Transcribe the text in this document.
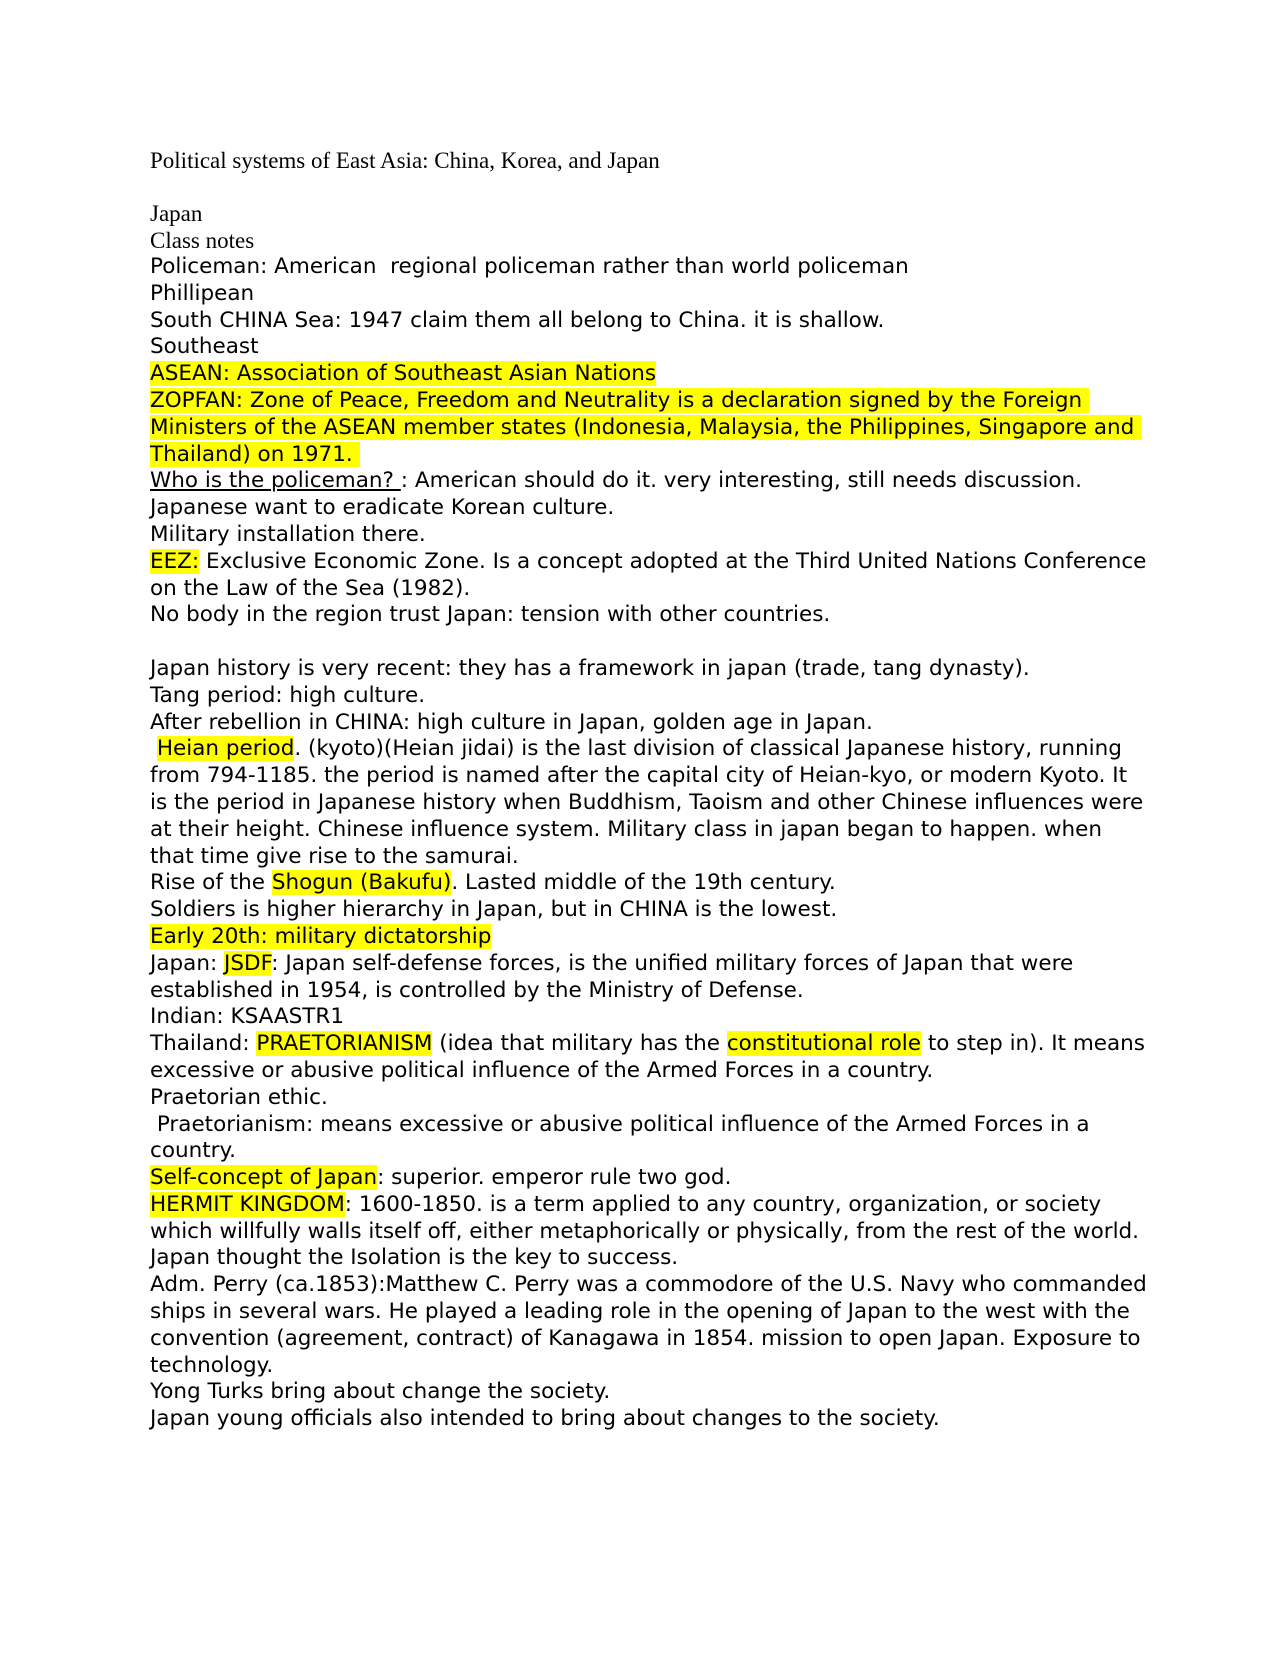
Political systems of East Asia: China, Korea, and Japan
Japan
Class notes
Policeman: American  regional policeman rather than world policeman
Phillipean
South CHINA Sea: 1947 claim them all belong to China. it is shallow.
Southeast
ASEAN: Association of Southeast Asian Nations
ZOPFAN: Zone of Peace, Freedom and Neutrality is a declaration signed by the Foreign Ministers of the ASEAN member states (Indonesia, Malaysia, the Philippines, Singapore and Thailand) on 1971.
Who is the policeman? : American should do it. very interesting, still needs discussion.
Japanese want to eradicate Korean culture.
Military installation there.
EEZ: Exclusive Economic Zone. Is a concept adopted at the Third United Nations Conference on the Law of the Sea (1982).
No body in the region trust Japan: tension with other countries.
Japan history is very recent: they has a framework in japan (trade, tang dynasty).
Tang period: high culture.
After rebellion in CHINA: high culture in Japan, golden age in Japan.
Heian period. (kyoto)(Heian jidai) is the last division of classical Japanese history, running from 794-1185. the period is named after the capital city of Heian-kyo, or modern Kyoto. It is the period in Japanese history when Buddhism, Taoism and other Chinese influences were at their height. Chinese influence system. Military class in japan began to happen. when that time give rise to the samurai.
Rise of the Shogun (Bakufu). Lasted middle of the 19th century.
Soldiers is higher hierarchy in Japan, but in CHINA is the lowest.
Early 20th: military dictatorship
Japan: JSDF: Japan self-defense forces, is the unified military forces of Japan that were established in 1954, is controlled by the Ministry of Defense.
Indian: KSAASTR1
Thailand: PRAETORIANISM (idea that military has the constitutional role to step in). It means excessive or abusive political influence of the Armed Forces in a country.
Praetorian ethic.
Praetorianism: means excessive or abusive political influence of the Armed Forces in a country.
Self-concept of Japan: superior. emperor rule two god.
HERMIT KINGDOM: 1600-1850. is a term applied to any country, organization, or society which willfully walls itself off, either metaphorically or physically, from the rest of the world.
Japan thought the Isolation is the key to success.
Adm. Perry (ca.1853):Matthew C. Perry was a commodore of the U.S. Navy who commanded ships in several wars. He played a leading role in the opening of Japan to the west with the convention (agreement, contract) of Kanagawa in 1854. mission to open Japan. Exposure to technology.
Yong Turks bring about change the society.
Japan young officials also intended to bring about changes to the society.
